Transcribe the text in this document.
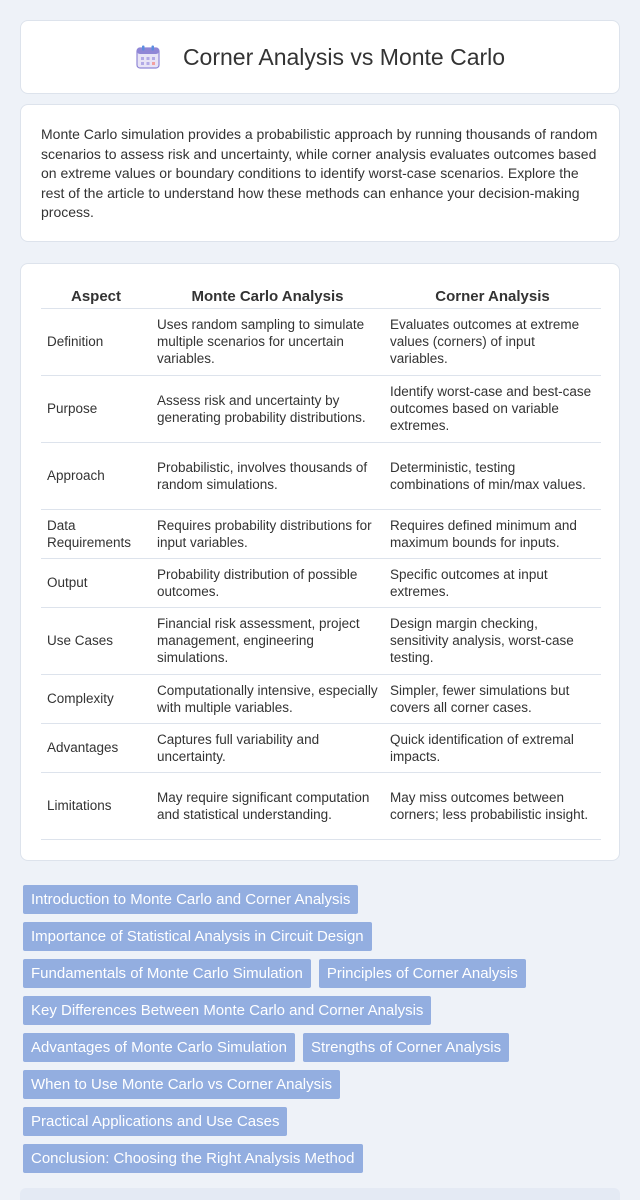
Corner Analysis vs Monte Carlo

Monte Carlo simulation provides a probabilistic approach by running thousands of random scenarios to assess risk and uncertainty, while corner analysis evaluates outcomes based on extreme values or boundary conditions to identify worst-case scenarios. Explore the rest of the article to understand how these methods can enhance your decision-making process.

Aspect	Monte Carlo Analysis	Corner Analysis
Definition	Uses random sampling to simulate multiple scenarios for uncertain variables.	Evaluates outcomes at extreme values (corners) of input variables.
Purpose	Assess risk and uncertainty by generating probability distributions.	Identify worst-case and best-case outcomes based on variable extremes.
Approach	Probabilistic, involves thousands of random simulations.	Deterministic, testing combinations of min/max values.
Data Requirements	Requires probability distributions for input variables.	Requires defined minimum and maximum bounds for inputs.
Output	Probability distribution of possible outcomes.	Specific outcomes at input extremes.
Use Cases	Financial risk assessment, project management, engineering simulations.	Design margin checking, sensitivity analysis, worst-case testing.
Complexity	Computationally intensive, especially with multiple variables.	Simpler, fewer simulations but covers all corner cases.
Advantages	Captures full variability and uncertainty.	Quick identification of extremal impacts.
Limitations	May require significant computation and statistical understanding.	May miss outcomes between corners; less probabilistic insight.
Introduction to Monte Carlo and Corner Analysis
Importance of Statistical Analysis in Circuit Design
Fundamentals of Monte Carlo Simulation	Principles of Corner Analysis
Key Differences Between Monte Carlo and Corner Analysis
Advantages of Monte Carlo Simulation	Strengths of Corner Analysis
When to Use Monte Carlo vs Corner Analysis
Practical Applications and Use Cases
Conclusion: Choosing the Right Analysis Method
